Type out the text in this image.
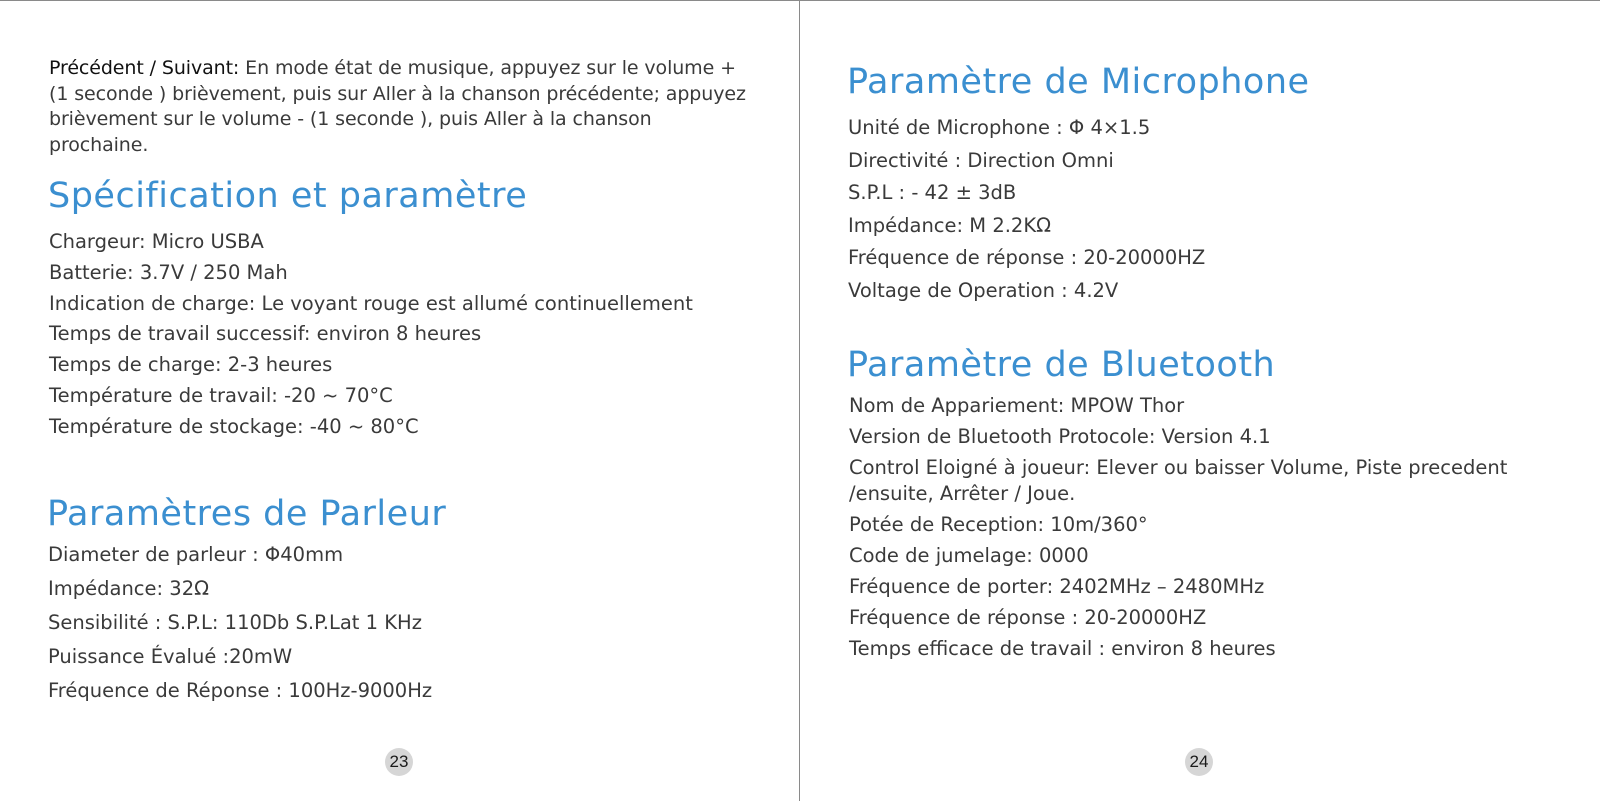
Précédent / Suivant: En mode état de musique, appuyez sur le volume + (1 seconde ) brièvement, puis sur Aller à la chanson précédente; appuyez brièvement sur le volume - (1 seconde ), puis Aller à la chanson prochaine.

Spécification et paramètre
Chargeur: Micro USBA
Batterie: 3.7V / 250 Mah
Indication de charge: Le voyant rouge est allumé continuellement
Temps de travail successif: environ 8 heures
Temps de charge: 2-3 heures
Température de travail: -20 ~ 70°C
Température de stockage: -40 ~ 80°C
Paramètres de Parleur
Diameter de parleur : Φ40mm
Impédance: 32Ω
Sensibilité : S.P.L: 110Db S.P.Lat 1 KHz
Puissance Évalué :20mW
Fréquence de Réponse : 100Hz-9000Hz
23
Paramètre de Microphone
Unité de Microphone : Φ 4×1.5
Directivité : Direction Omni
S.P.L : - 42 ± 3dB
Impédance: M 2.2KΩ
Fréquence de réponse : 20-20000HZ
Voltage de Operation : 4.2V
Paramètre de Bluetooth
Nom de Appariement: MPOW Thor
Version de Bluetooth Protocole: Version 4.1
Control Eloigné à joueur: Elever ou baisser Volume, Piste precedent /ensuite, Arrêter / Joue.
Potée de Reception: 10m/360°
Code de jumelage: 0000
Fréquence de porter: 2402MHz – 2480MHz
Fréquence de réponse : 20-20000HZ
Temps efficace de travail : environ 8 heures
24
